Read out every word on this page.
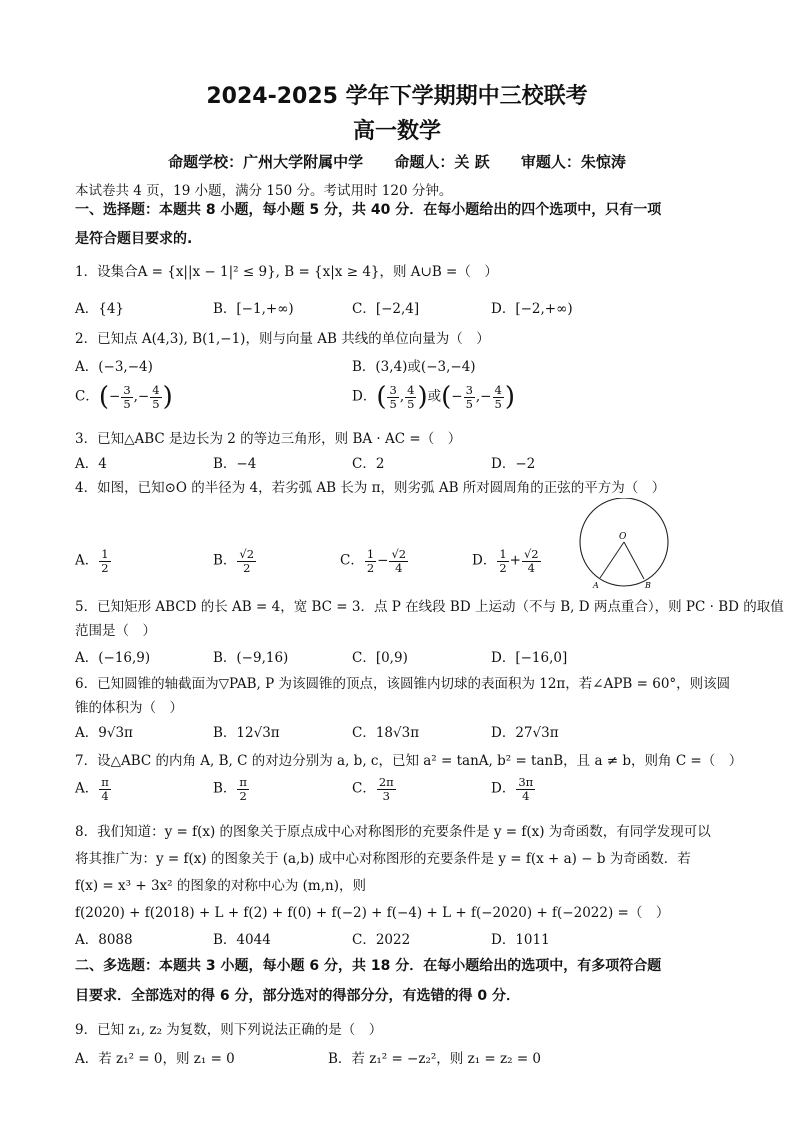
2024-2025 学年下学期期中三校联考
高一数学
命题学校：广州大学附属中学 命题人：关 跃 审题人：朱惊涛
本试卷共 4 页，19 小题，满分 150 分。考试用时 120 分钟。
一、选择题：本题共 8 小题，每小题 5 分，共 40 分．在每小题给出的四个选项中，只有一项
是符合题目要求的.
1．设集合A = {x||x − 1|² ≤ 9}, B = {x|x ≥ 4}，则 A∪B =（　）
A．{4}	B．[−1,+∞)	C．[−2,4]	D．[−2,+∞)
2．已知点 A(4,3), B(1,−1)，则与向量 AB 共线的单位向量为（　）
A．(−3,−4)	B．(3,4)或(−3,−4)
C．(− $\frac{3}{5}$ ,− $\frac{4}{5}$ )	D．( $\frac{3}{5}$ , $\frac{4}{5}$ )或(− $\frac{3}{5}$ ,− $\frac{4}{5}$ )
3．已知△ABC 是边长为 2 的等边三角形，则 BA · AC =（　）
A．4	B．−4	C．2	D．−2
4．如图，已知⊙O 的半径为 4，若劣弧 AB 长为 π，则劣弧 AB 所对圆周角的正弦的平方为（　）
A． $\frac{1}{2}$	B． $\frac{√2}{2}$	C． $\frac{1}{2} - \frac{√2}{4}$	D． $\frac{1}{2} + \frac{√2}{4}$
O
A	B
5．已知矩形 ABCD 的长 AB = 4，宽 BC = 3．点 P 在线段 BD 上运动（不与 B, D 两点重合），则 PC · BD 的取值
范围是（　）
A．(−16,9)	B．(−9,16)	C．[0,9)	D．[−16,0]
6．已知圆锥的轴截面为▽PAB, P 为该圆锥的顶点，该圆锥内切球的表面积为 12π，若∠APB = 60°，则该圆
锥的体积为（　）
A．9√3π	B．12√3π	C．18√3π	D．27√3π
7．设△ABC 的内角 A, B, C 的对边分别为 a, b, c，已知 a² = tanA, b² = tanB，且 a ≠ b，则角 C =（　）
A． $\frac{\pi}{4}$	B． $\frac{\pi}{2}$	C． $\frac{2\pi}{3}$	D． $\frac{3\pi}{4}$
8．我们知道：y = f(x) 的图象关于原点成中心对称图形的充要条件是 y = f(x) 为奇函数，有同学发现可以
将其推广为：y = f(x) 的图象关于 (a,b) 成中心对称图形的充要条件是 y = f(x + a) − b 为奇函数．若
f(x) = x³ + 3x² 的图象的对称中心为 (m,n)，则
f(2020) + f(2018) + L + f(2) + f(0) + f(−2) + f(−4) + L + f(−2020) + f(−2022) =（　）
A．8088	B．4044	C．2022	D．1011
二、多选题：本题共 3 小题，每小题 6 分，共 18 分．在每小题给出的选项中，有多项符合题
目要求．全部选对的得 6 分，部分选对的得部分分，有选错的得 0 分．
9．已知 z₁, z₂ 为复数，则下列说法正确的是（　）
A．若 z₁² = 0，则 z₁ = 0	B．若 z₁² = −z₂²，则 z₁ = z₂ = 0
